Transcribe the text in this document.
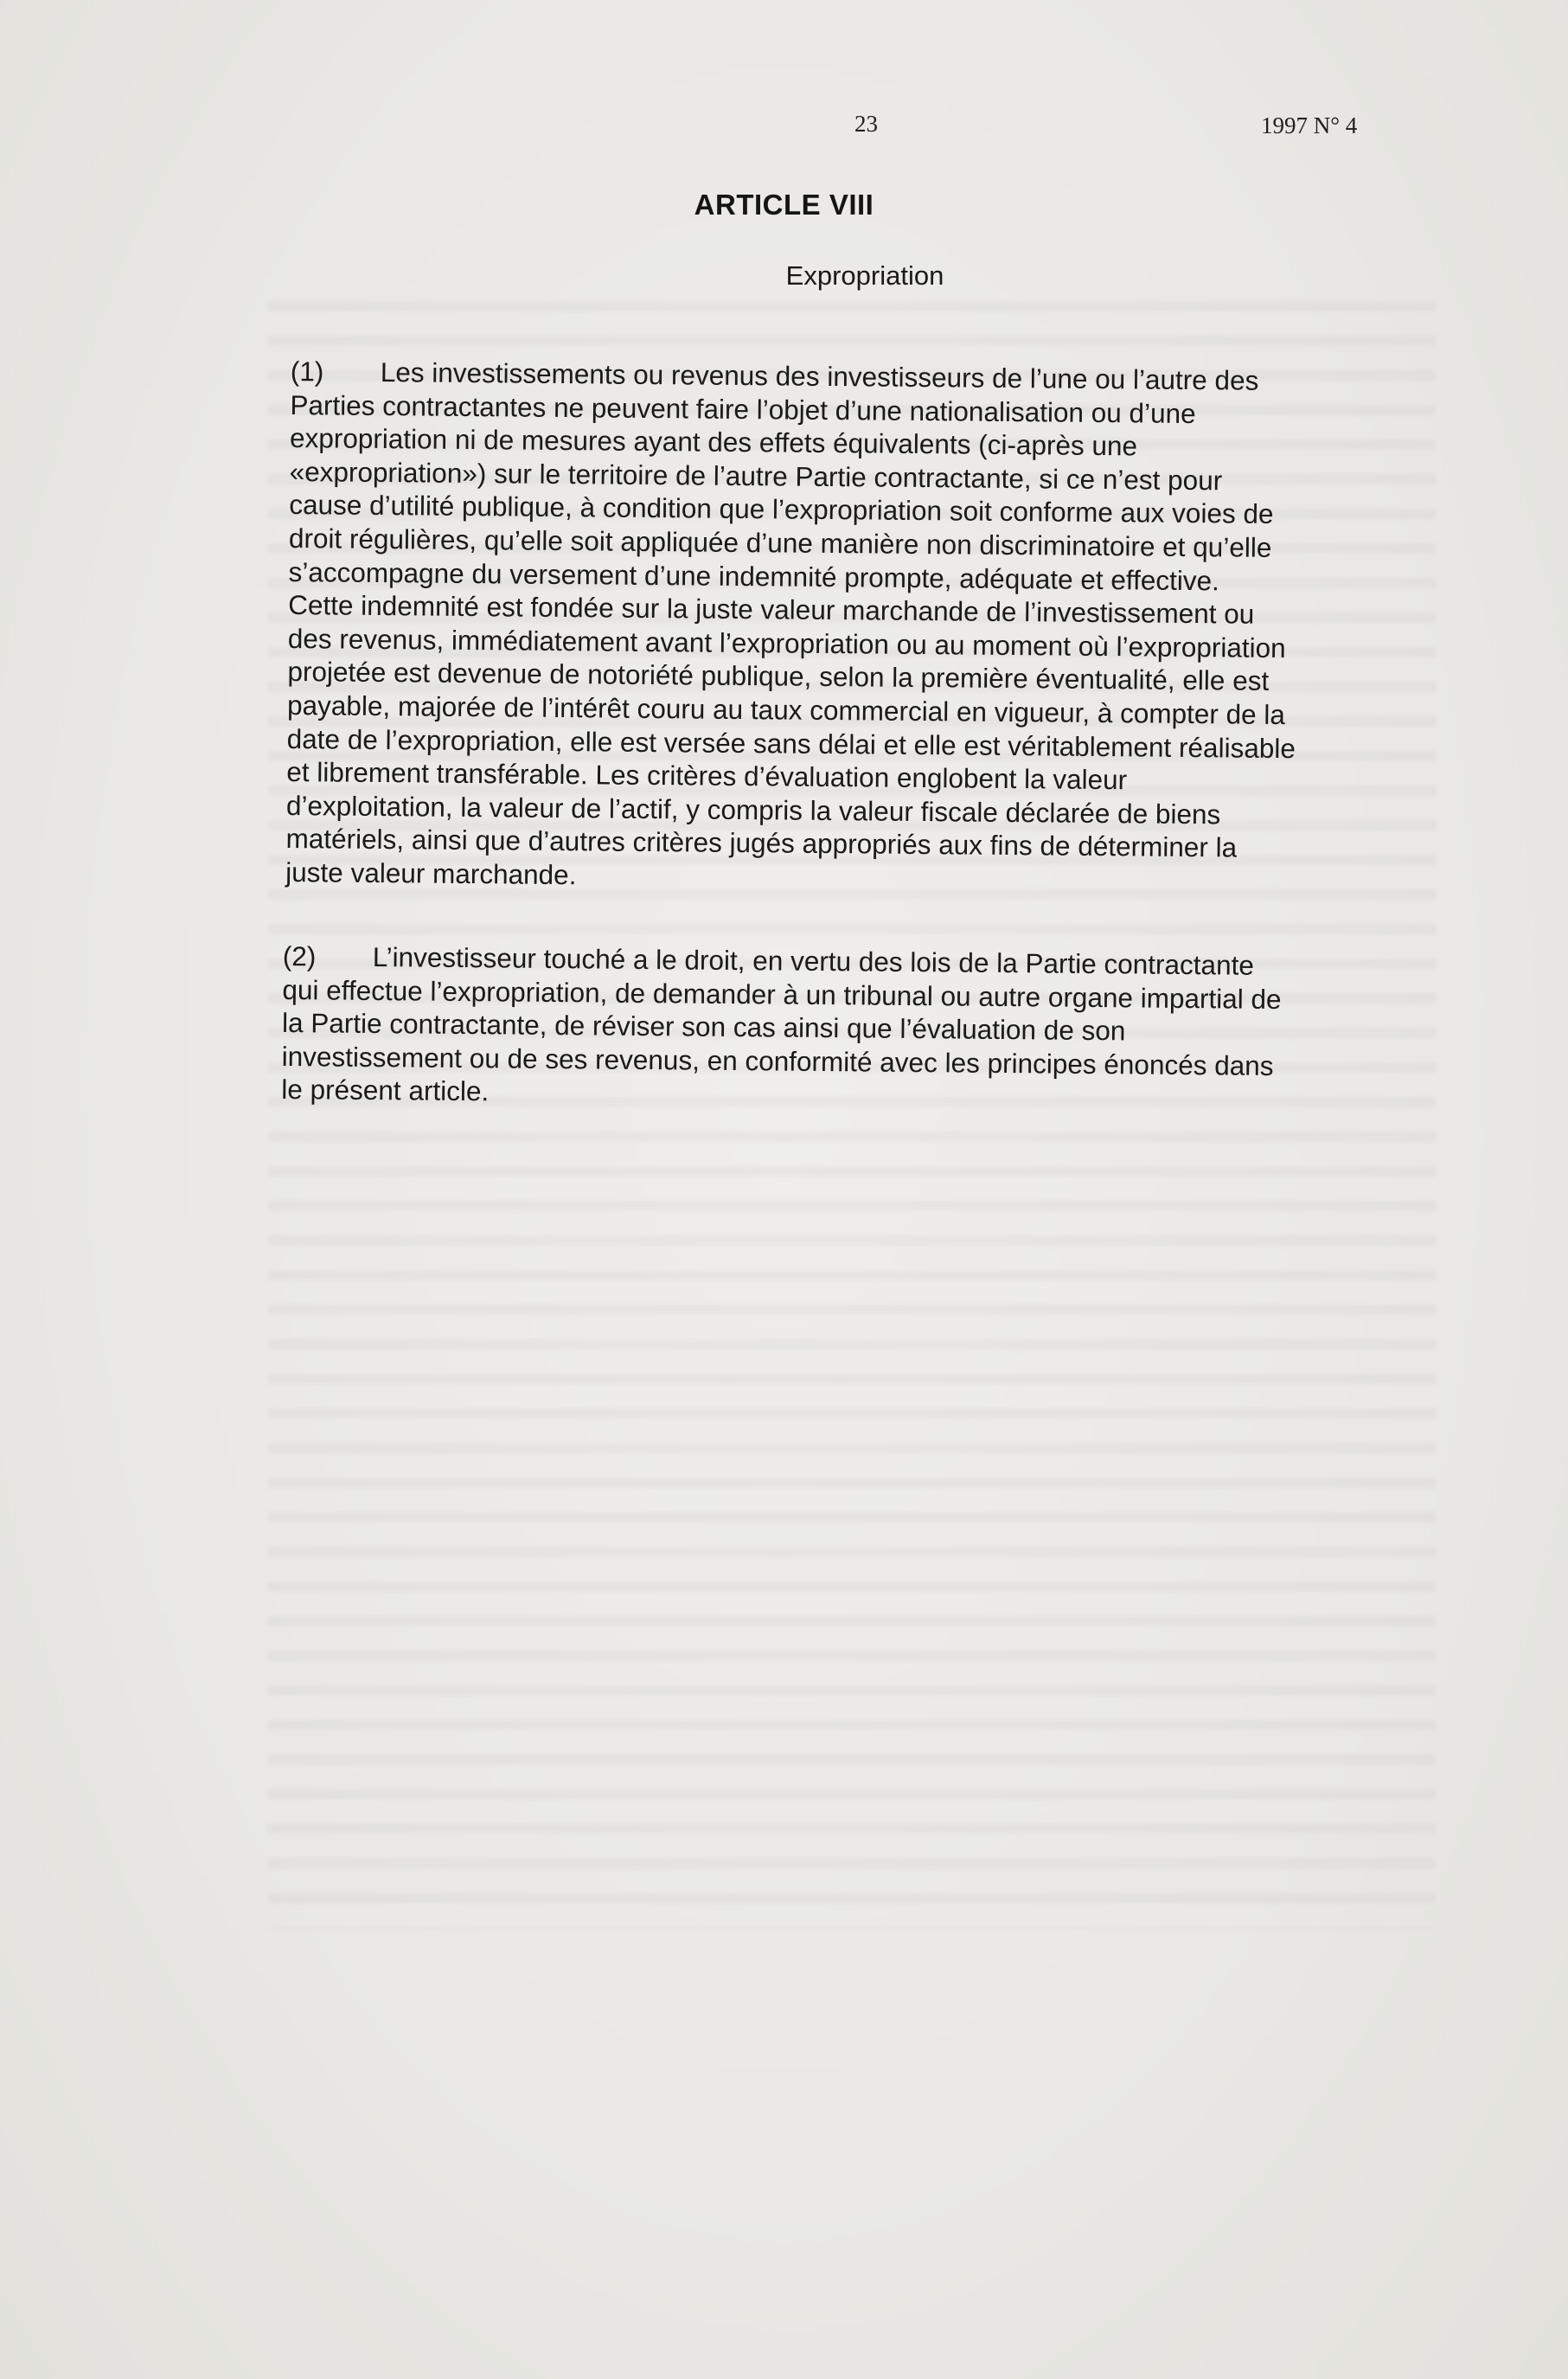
23	1997 N° 4
ARTICLE VIII
Expropriation
(1) Les investissements ou revenus des investisseurs de l’une ou l’autre des
Parties contractantes ne peuvent faire l’objet d’une nationalisation ou d’une
expropriation ni de mesures ayant des effets équivalents (ci-après une
«expropriation») sur le territoire de l’autre Partie contractante, si ce n’est pour
cause d’utilité publique, à condition que l’expropriation soit conforme aux voies de
droit régulières, qu’elle soit appliquée d’une manière non discriminatoire et qu’elle
s’accompagne du versement d’une indemnité prompte, adéquate et effective.
Cette indemnité est fondée sur la juste valeur marchande de l’investissement ou
des revenus, immédiatement avant l’expropriation ou au moment où l’expropriation
projetée est devenue de notoriété publique, selon la première éventualité, elle est
payable, majorée de l’intérêt couru au taux commercial en vigueur, à compter de la
date de l’expropriation, elle est versée sans délai et elle est véritablement réalisable
et librement transférable. Les critères d’évaluation englobent la valeur
d’exploitation, la valeur de l’actif, y compris la valeur fiscale déclarée de biens
matériels, ainsi que d’autres critères jugés appropriés aux fins de déterminer la
juste valeur marchande.
(2) L’investisseur touché a le droit, en vertu des lois de la Partie contractante
qui effectue l’expropriation, de demander à un tribunal ou autre organe impartial de
la Partie contractante, de réviser son cas ainsi que l’évaluation de son
investissement ou de ses revenus, en conformité avec les principes énoncés dans
le présent article.
